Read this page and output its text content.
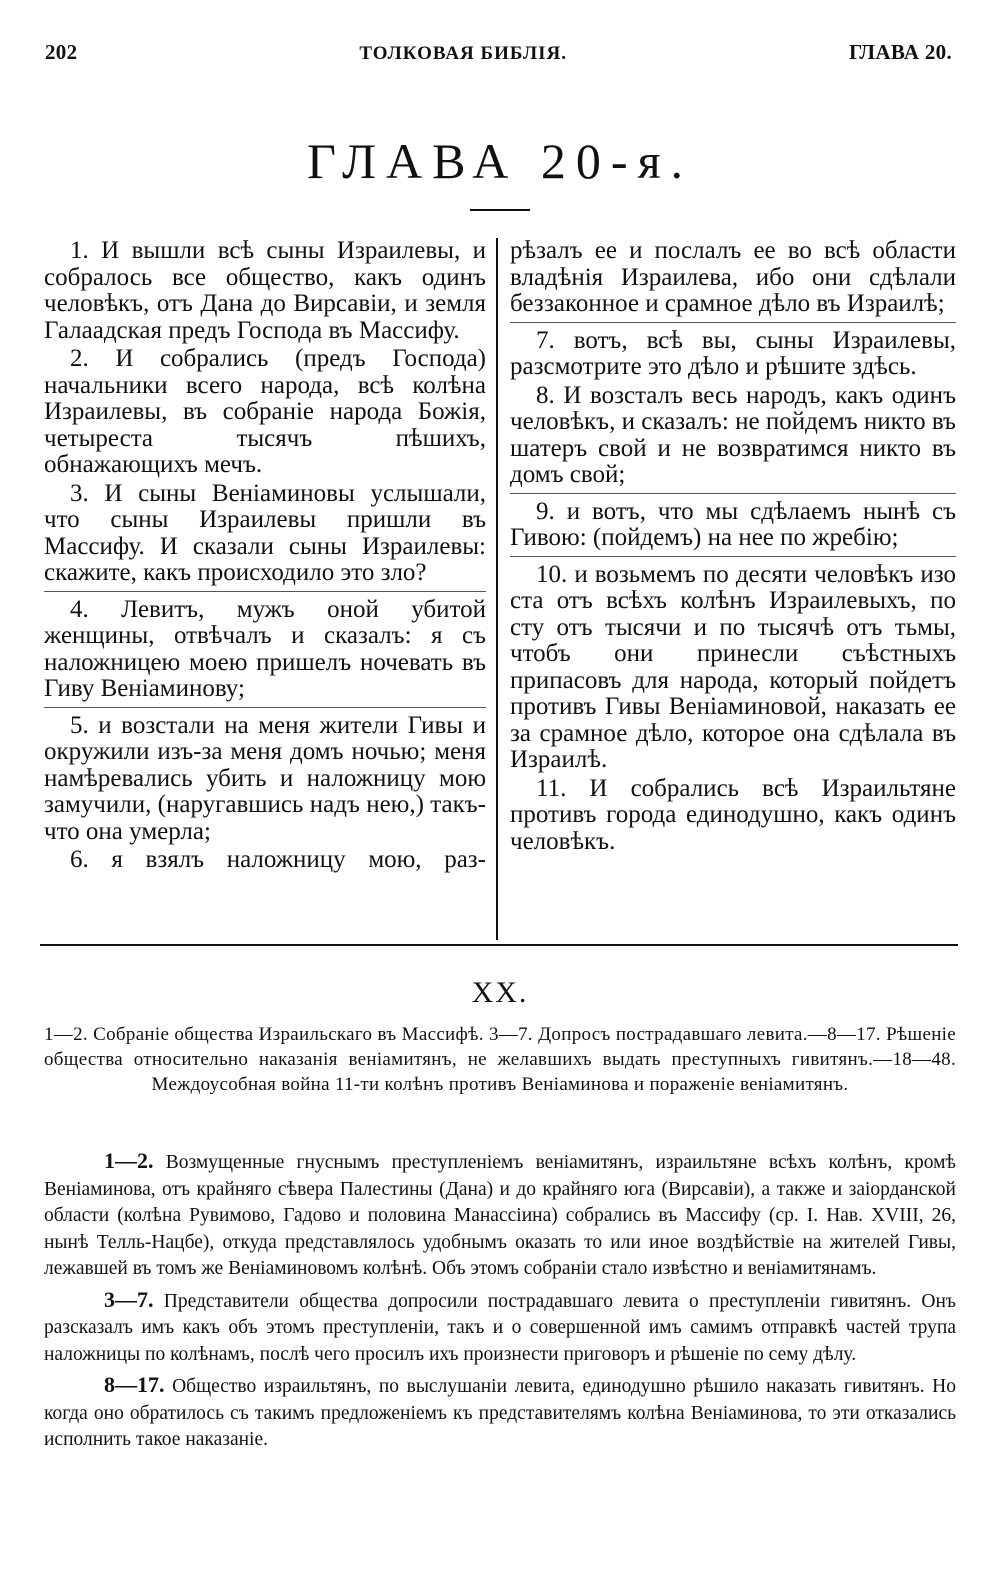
202	ТОЛКОВАЯ БИБЛІЯ.	ГЛАВА 20.
ГЛАВА 20-я.

1. И вышли всѣ сыны Израилевы, и собралось все общество, какъ одинъ человѣкъ, отъ Дана до Вирсавіи, и земля Галаадская предъ Господа въ Массифу.

2. И собрались (предъ Господа) начальники всего народа, всѣ колѣна Израилевы, въ собраніе народа Божія, четыреста тысячъ пѣшихъ, обнажающихъ мечъ.

3. И сыны Веніаминовы услышали, что сыны Израилевы пришли въ Массифу. И сказали сыны Израилевы: скажите, какъ происходило это зло?

4. Левитъ, мужъ оной убитой женщины, отвѣчалъ и сказалъ: я съ наложницею моею пришелъ ночевать въ Гиву Веніаминову;

5. и возстали на меня жители Гивы и окружили изъ-за меня домъ ночью; меня намѣревались убить и наложницу мою замучили, (наругавшись надъ нею,) такъ-что она умерла;

6. я взялъ наложницу мою, раз-

рѣзалъ ее и послалъ ее во всѣ области владѣнія Израилева, ибо они сдѣлали беззаконное и срамное дѣло въ Израилѣ;

7. вотъ, всѣ вы, сыны Израилевы, разсмотрите это дѣло и рѣшите здѣсь.

8. И возсталъ весь народъ, какъ одинъ человѣкъ, и сказалъ: не пойдемъ никто въ шатеръ свой и не возвратимся никто въ домъ свой;

9. и вотъ, что мы сдѣлаемъ нынѣ съ Гивою: (пойдемъ) на нее по жребію;

10. и возьмемъ по десяти человѣкъ изо ста отъ всѣхъ колѣнъ Израилевыхъ, по сту отъ тысячи и по тысячѣ отъ тьмы, чтобъ они принесли съѣстныхъ припасовъ для народа, который пойдетъ противъ Гивы Веніаминовой, наказать ее за срамное дѣло, которое она сдѣлала въ Израилѣ.

11. И собрались всѣ Израильтяне противъ города единодушно, какъ одинъ человѣкъ.

XX.
1—2. Собраніе общества Израильскаго въ Массифѣ. 3—7. Допросъ пострадавшаго левита.—8—17. Рѣшеніе общества относительно наказанія веніамитянъ, не желавшихъ выдать преступныхъ гивитянъ.—18—48. Междоусобная война 11-ти колѣнъ противъ Веніаминова и пораженіе веніамитянъ.

1—2. Возмущенные гнуснымъ преступленіемъ веніамитянъ, израильтяне всѣхъ колѣнъ, кромѣ Веніаминова, отъ крайняго сѣвера Палестины (Дана) и до крайняго юга (Вирсавіи), а также и заіорданской области (колѣна Рувимово, Гадово и половина Манассіина) собрались въ Массифу (ср. І. Нав. XVIII, 26, нынѣ Телль-Нацбе), откуда представлялось удобнымъ оказать то или иное воздѣйствіе на жителей Гивы, лежавшей въ томъ же Веніаминовомъ колѣнѣ. Объ этомъ собраніи стало извѣстно и веніамитянамъ.

3—7. Представители общества допросили пострадавшаго левита о преступленіи гивитянъ. Онъ разсказалъ имъ какъ объ этомъ преступленіи, такъ и о совершенной имъ самимъ отправкѣ частей трупа наложницы по колѣнамъ, послѣ чего просилъ ихъ произнести приговоръ и рѣшеніе по сему дѣлу.

8—17. Общество израильтянъ, по выслушаніи левита, единодушно рѣшило наказать гивитянъ. Но когда оно обратилось съ такимъ предложеніемъ къ представителямъ колѣна Веніаминова, то эти отказались исполнить такое наказаніе.
